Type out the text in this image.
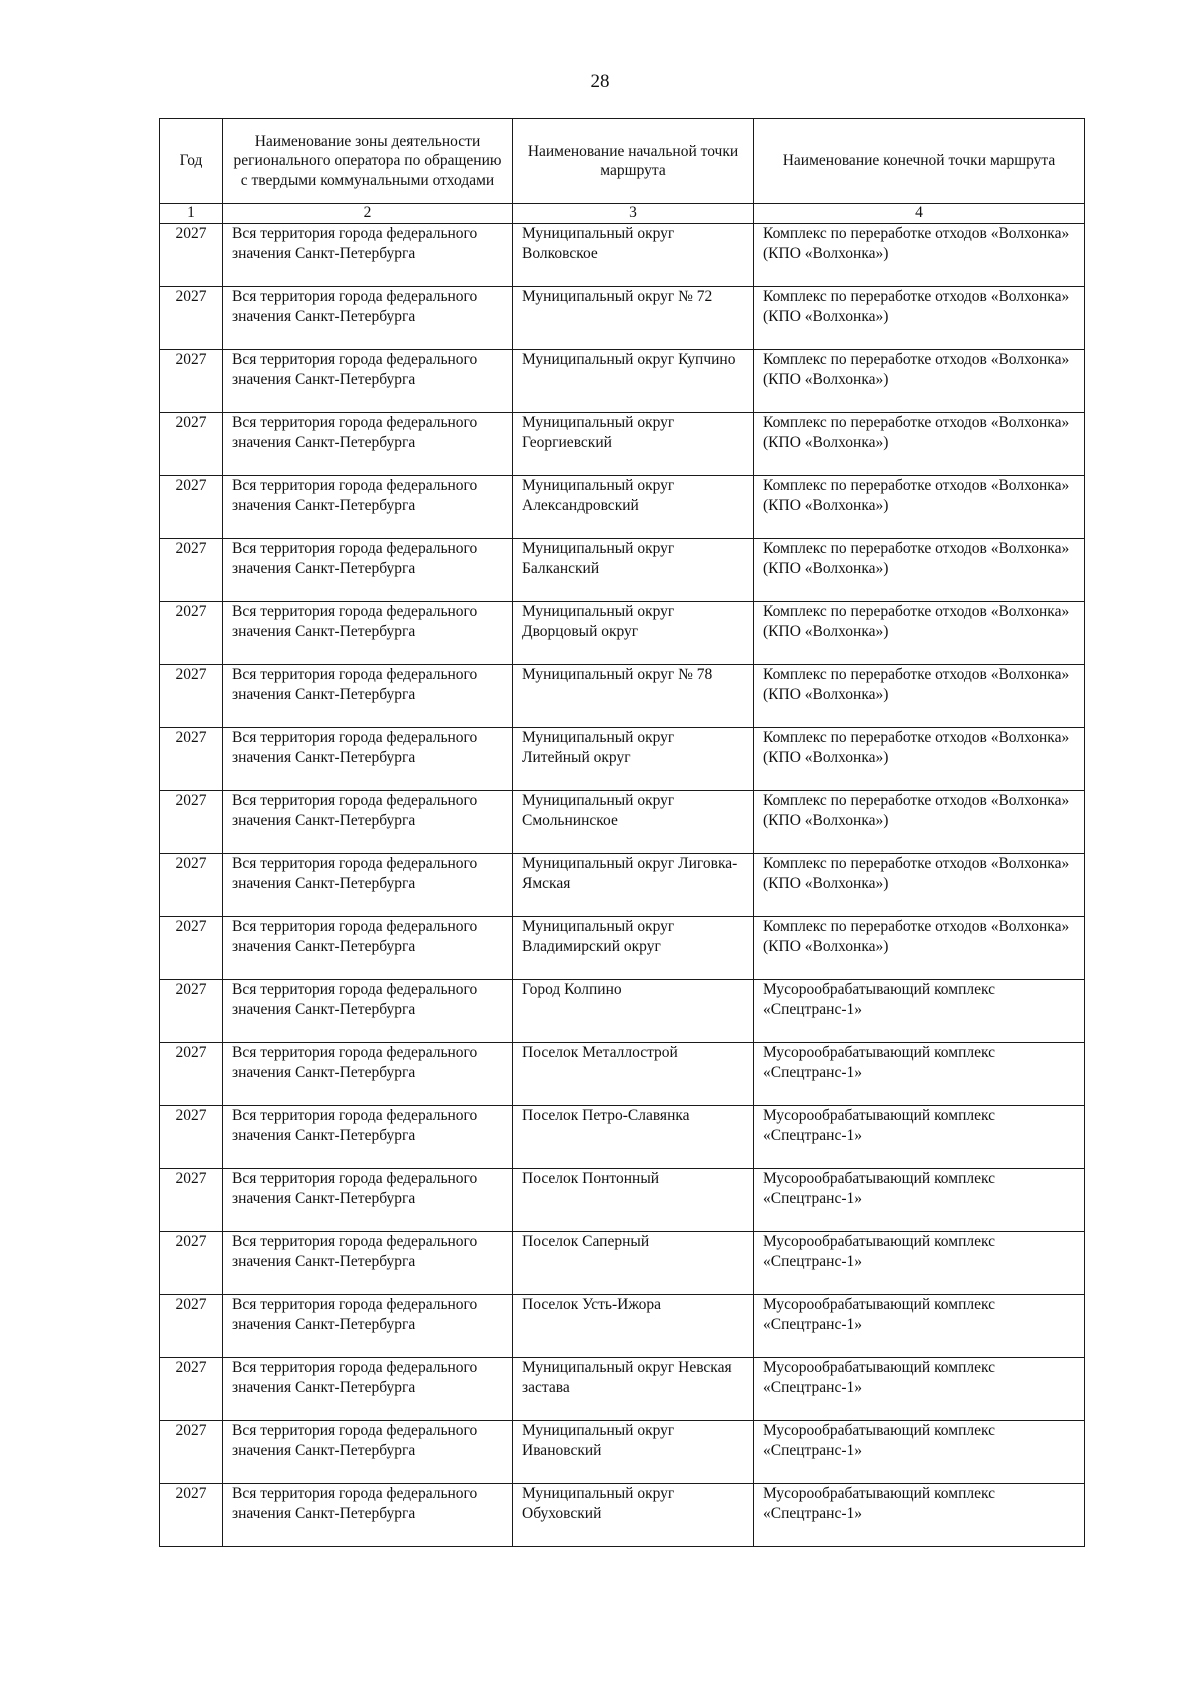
28
Год	Наименование зоны деятельности регионального оператора по обращению с твердыми коммунальными отходами	Наименование начальной точки маршрута	Наименование конечной точки маршрута
1	2	3	4
2027	Вся территория города федерального значения Санкт-Петербурга	Муниципальный округ Волковское	Комплекс по переработке отходов «Волхонка» (КПО «Волхонка»)
2027	Вся территория города федерального значения Санкт-Петербурга	Муниципальный округ № 72	Комплекс по переработке отходов «Волхонка» (КПО «Волхонка»)
2027	Вся территория города федерального значения Санкт-Петербурга	Муниципальный округ Купчино	Комплекс по переработке отходов «Волхонка» (КПО «Волхонка»)
2027	Вся территория города федерального значения Санкт-Петербурга	Муниципальный округ Георгиевский	Комплекс по переработке отходов «Волхонка» (КПО «Волхонка»)
2027	Вся территория города федерального значения Санкт-Петербурга	Муниципальный округ Александровский	Комплекс по переработке отходов «Волхонка» (КПО «Волхонка»)
2027	Вся территория города федерального значения Санкт-Петербурга	Муниципальный округ Балканский	Комплекс по переработке отходов «Волхонка» (КПО «Волхонка»)
2027	Вся территория города федерального значения Санкт-Петербурга	Муниципальный округ Дворцовый округ	Комплекс по переработке отходов «Волхонка» (КПО «Волхонка»)
2027	Вся территория города федерального значения Санкт-Петербурга	Муниципальный округ № 78	Комплекс по переработке отходов «Волхонка» (КПО «Волхонка»)
2027	Вся территория города федерального значения Санкт-Петербурга	Муниципальный округ Литейный округ	Комплекс по переработке отходов «Волхонка» (КПО «Волхонка»)
2027	Вся территория города федерального значения Санкт-Петербурга	Муниципальный округ Смольнинское	Комплекс по переработке отходов «Волхонка» (КПО «Волхонка»)
2027	Вся территория города федерального значения Санкт-Петербурга	Муниципальный округ Лиговка-Ямская	Комплекс по переработке отходов «Волхонка» (КПО «Волхонка»)
2027	Вся территория города федерального значения Санкт-Петербурга	Муниципальный округ Владимирский округ	Комплекс по переработке отходов «Волхонка» (КПО «Волхонка»)
2027	Вся территория города федерального значения Санкт-Петербурга	Город Колпино	Мусорообрабатывающий комплекс «Спецтранс-1»
2027	Вся территория города федерального значения Санкт-Петербурга	Поселок Металлострой	Мусорообрабатывающий комплекс «Спецтранс-1»
2027	Вся территория города федерального значения Санкт-Петербурга	Поселок Петро-Славянка	Мусорообрабатывающий комплекс «Спецтранс-1»
2027	Вся территория города федерального значения Санкт-Петербурга	Поселок Понтонный	Мусорообрабатывающий комплекс «Спецтранс-1»
2027	Вся территория города федерального значения Санкт-Петербурга	Поселок Саперный	Мусорообрабатывающий комплекс «Спецтранс-1»
2027	Вся территория города федерального значения Санкт-Петербурга	Поселок Усть-Ижора	Мусорообрабатывающий комплекс «Спецтранс-1»
2027	Вся территория города федерального значения Санкт-Петербурга	Муниципальный округ Невская застава	Мусорообрабатывающий комплекс «Спецтранс-1»
2027	Вся территория города федерального значения Санкт-Петербурга	Муниципальный округ Ивановский	Мусорообрабатывающий комплекс «Спецтранс-1»
2027	Вся территория города федерального значения Санкт-Петербурга	Муниципальный округ Обуховский	Мусорообрабатывающий комплекс «Спецтранс-1»
